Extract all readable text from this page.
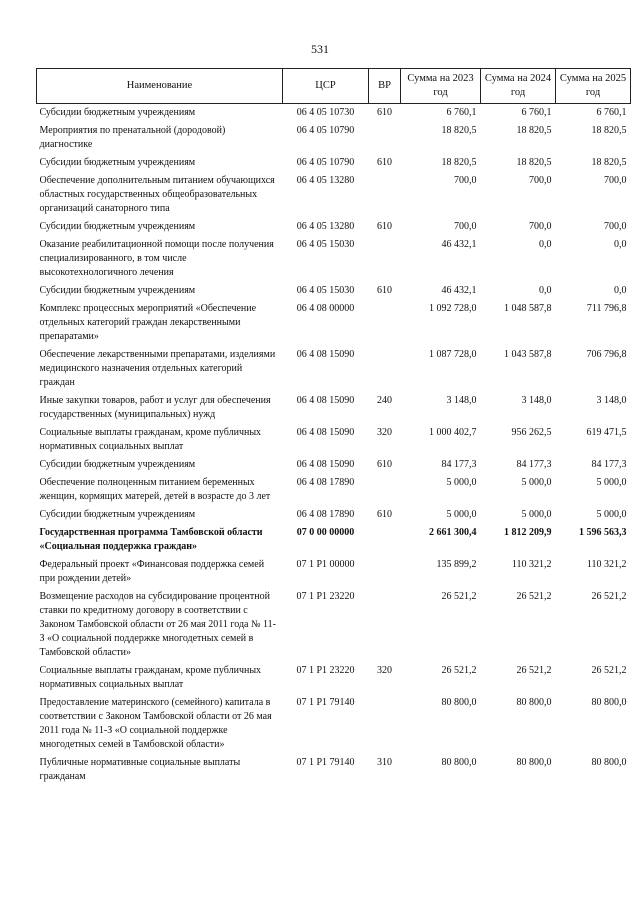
531
Наименование	ЦСР	ВР	Сумма на 2023 год	Сумма на 2024 год	Сумма на 2025 год
Субсидии бюджетным учреждениям	06 4 05 10730	610	6 760,1	6 760,1	6 760,1
Мероприятия по пренатальной (дородовой) диагностике	06 4 05 10790		18 820,5	18 820,5	18 820,5
Субсидии бюджетным учреждениям	06 4 05 10790	610	18 820,5	18 820,5	18 820,5
Обеспечение дополнительным питанием обучающихся областных государственных общеобразовательных организаций санаторного типа	06 4 05 13280		700,0	700,0	700,0
Субсидии бюджетным учреждениям	06 4 05 13280	610	700,0	700,0	700,0
Оказание реабилитационной помощи после получения специализированного, в том числе высокотехнологичного лечения	06 4 05 15030		46 432,1	0,0	0,0
Субсидии бюджетным учреждениям	06 4 05 15030	610	46 432,1	0,0	0,0
Комплекс процессных мероприятий «Обеспечение отдельных категорий граждан лекарственными препаратами»	06 4 08 00000		1 092 728,0	1 048 587,8	711 796,8
Обеспечение лекарственными препаратами, изделиями медицинского назначения отдельных категорий граждан	06 4 08 15090		1 087 728,0	1 043 587,8	706 796,8
Иные закупки товаров, работ и услуг для обеспечения государственных (муниципальных) нужд	06 4 08 15090	240	3 148,0	3 148,0	3 148,0
Социальные выплаты гражданам, кроме публичных нормативных социальных выплат	06 4 08 15090	320	1 000 402,7	956 262,5	619 471,5
Субсидии бюджетным учреждениям	06 4 08 15090	610	84 177,3	84 177,3	84 177,3
Обеспечение полноценным питанием беременных женщин, кормящих матерей, детей в возрасте до 3 лет	06 4 08 17890		5 000,0	5 000,0	5 000,0
Субсидии бюджетным учреждениям	06 4 08 17890	610	5 000,0	5 000,0	5 000,0
Государственная программа Тамбовской области «Социальная поддержка граждан»	07 0 00 00000		2 661 300,4	1 812 209,9	1 596 563,3
Федеральный проект «Финансовая поддержка семей при рождении детей»	07 1 P1 00000		135 899,2	110 321,2	110 321,2
Возмещение расходов на субсидирование процентной ставки по кредитному договору в соответствии с Законом Тамбовской области от 26 мая 2011 года № 11-З «О социальной поддержке многодетных семей в Тамбовской области»	07 1 P1 23220		26 521,2	26 521,2	26 521,2
Социальные выплаты гражданам, кроме публичных нормативных социальных выплат	07 1 P1 23220	320	26 521,2	26 521,2	26 521,2
Предоставление материнского (семейного) капитала в соответствии с Законом Тамбовской области от 26 мая 2011 года № 11-З «О социальной поддержке многодетных семей в Тамбовской области»	07 1 P1 79140		80 800,0	80 800,0	80 800,0
Публичные нормативные социальные выплаты гражданам	07 1 P1 79140	310	80 800,0	80 800,0	80 800,0
